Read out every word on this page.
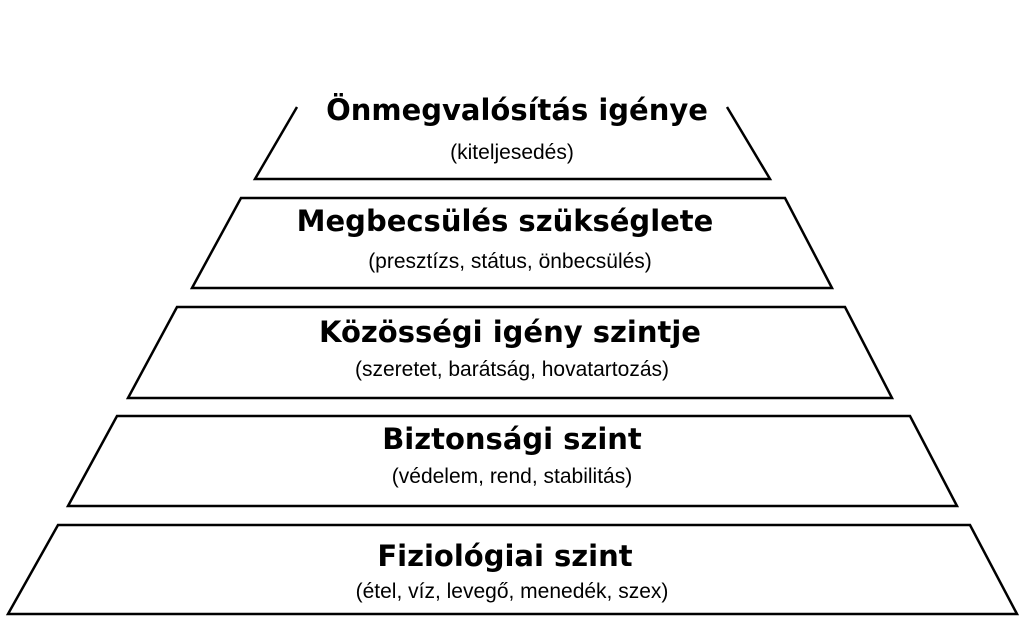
Önmegvalósítás igénye
(kiteljesedés)
Megbecsülés szükséglete
(presztízs, státus, önbecsülés)
Közösségi igény szintje
(szeretet, barátság, hovatartozás)
Biztonsági szint
(védelem, rend, stabilitás)
Fiziológiai szint
(étel, víz, levegő, menedék, szex)
